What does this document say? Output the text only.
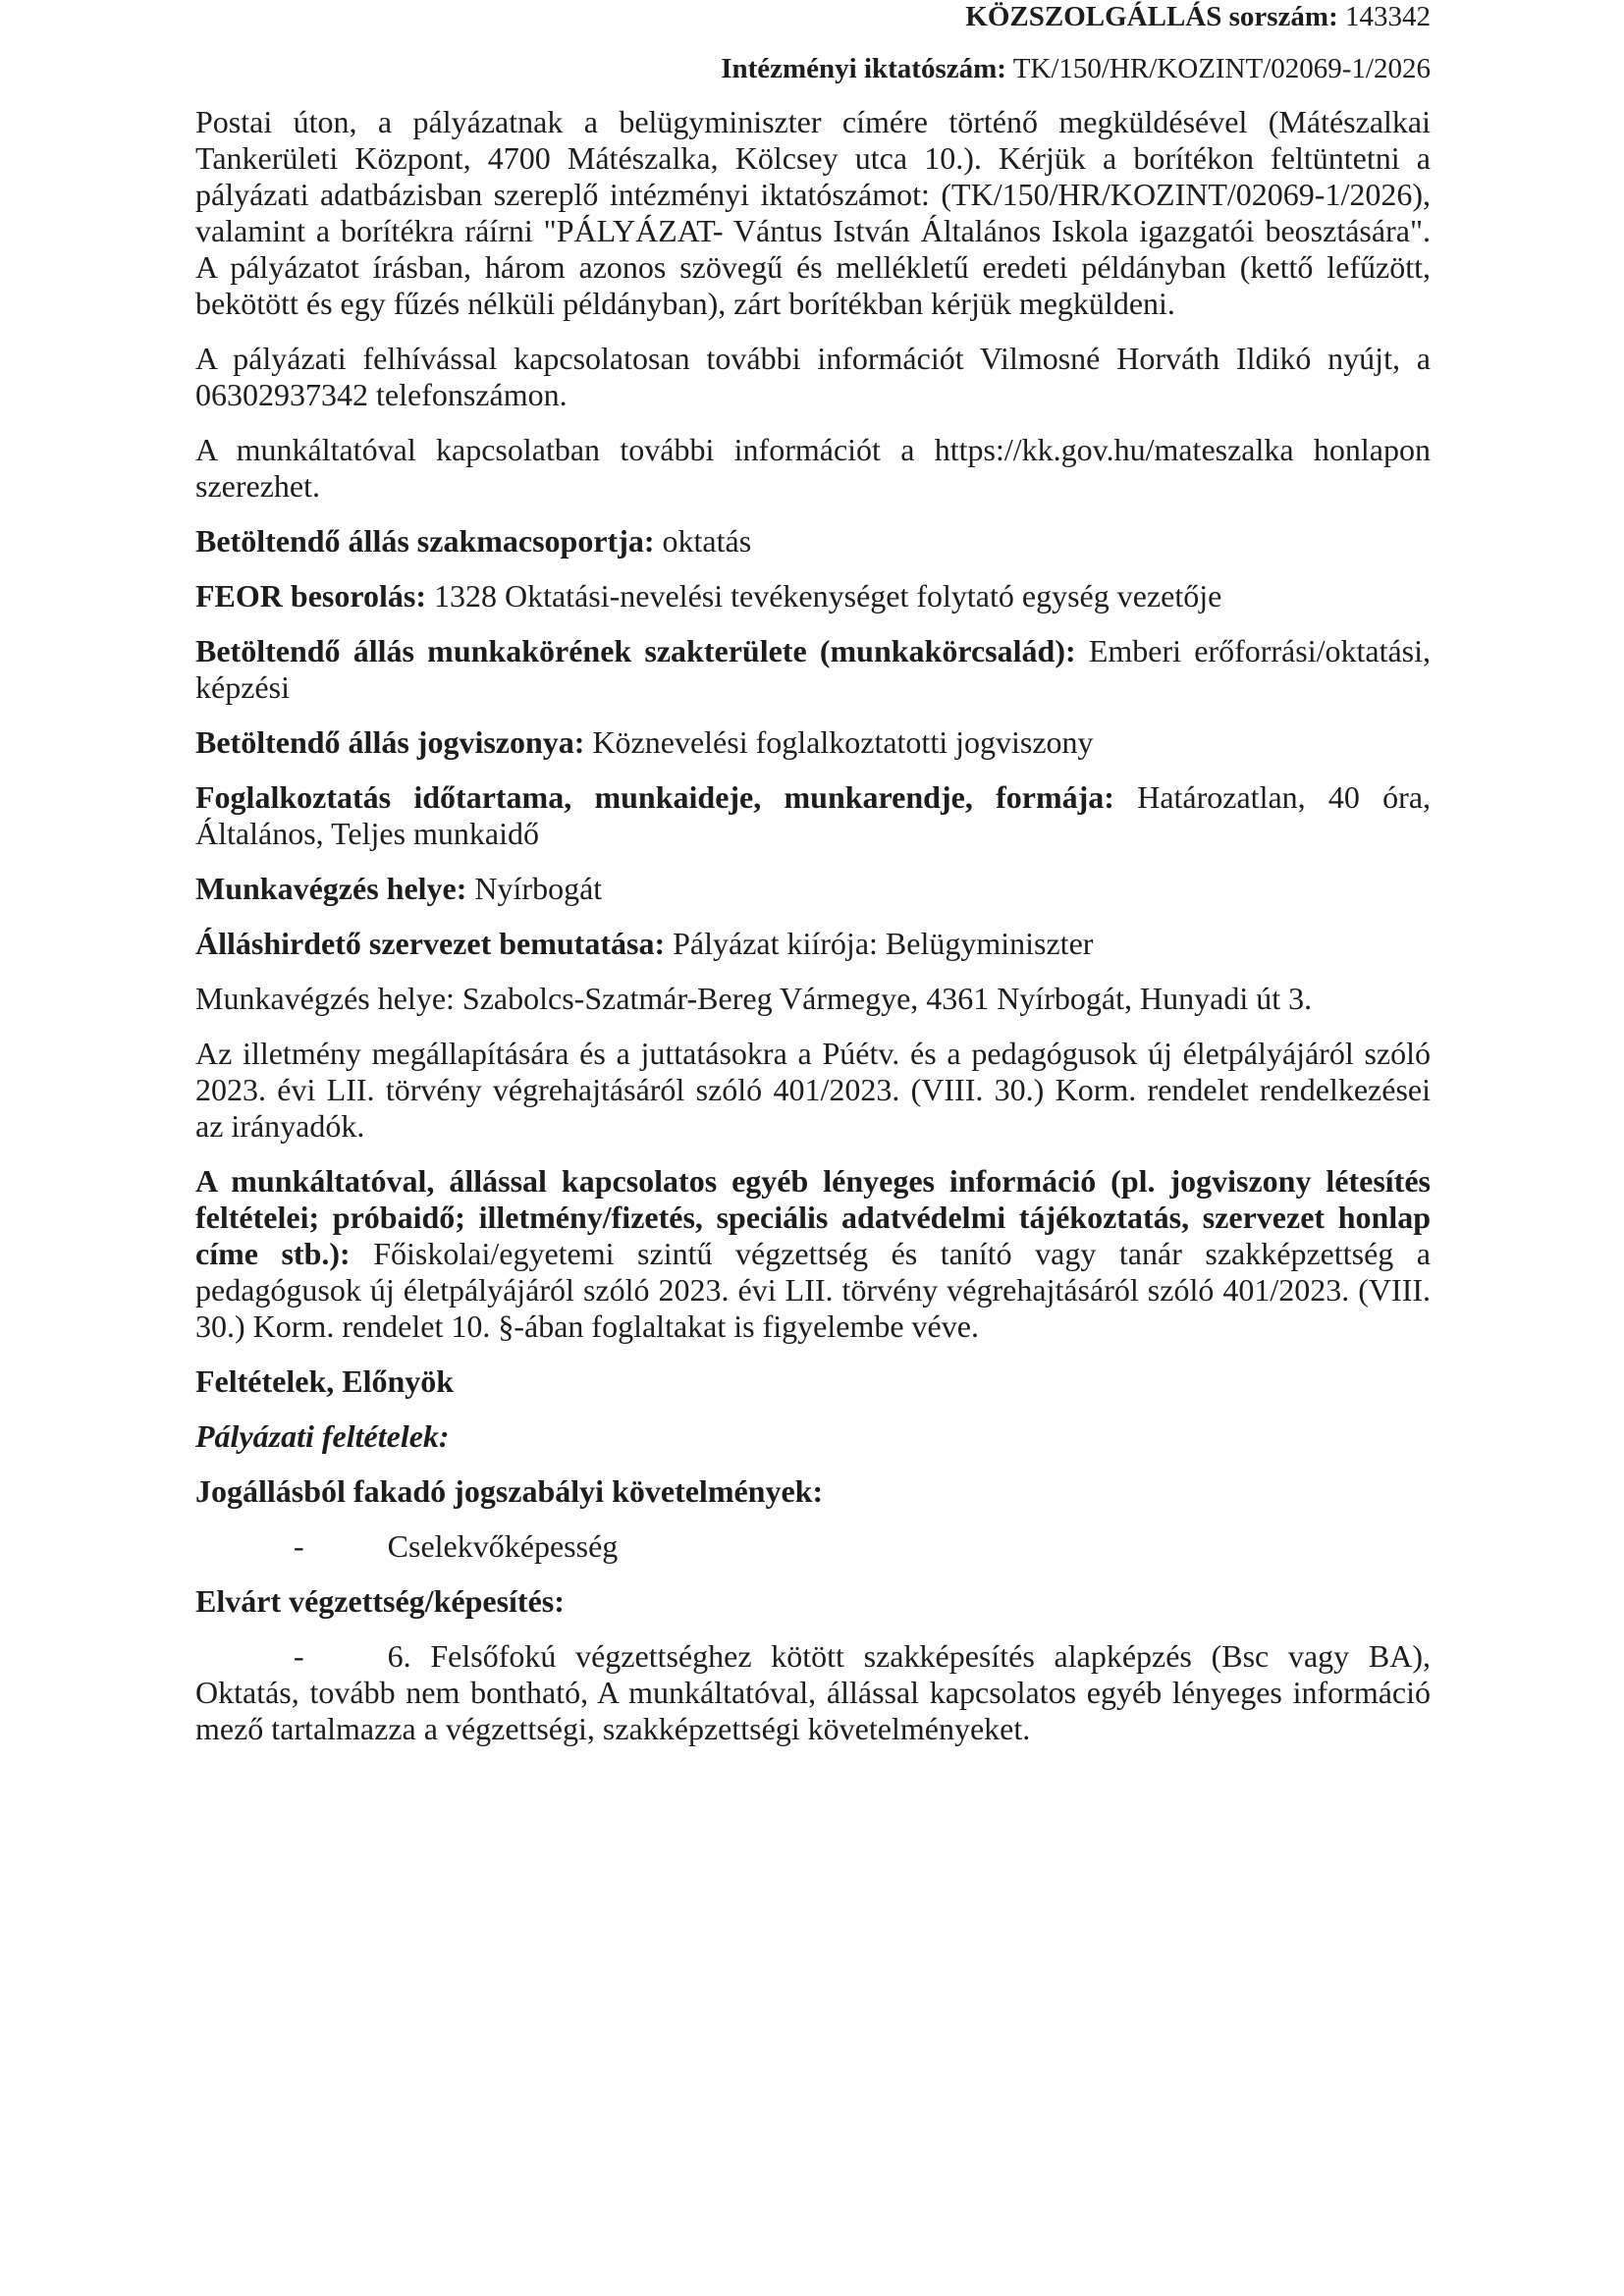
KÖZSZOLGÁLLÁS sorszám: 143342

Intézményi iktatószám: TK/150/HR/KOZINT/02069-1/2026

Postai úton, a pályázatnak a belügyminiszter címére történő megküldésével (Mátészalkai Tankerületi Központ, 4700 Mátészalka, Kölcsey utca 10.). Kérjük a borítékon feltüntetni a pályázati adatbázisban szereplő intézményi iktatószámot: (TK/150/HR/KOZINT/02069-1/2026), valamint a borítékra ráírni "PÁLYÁZAT- Vántus István Általános Iskola igazgatói beosztására". A pályázatot írásban, három azonos szövegű és mellékletű eredeti példányban (kettő lefűzött, bekötött és egy fűzés nélküli példányban), zárt borítékban kérjük megküldeni.

A pályázati felhívással kapcsolatosan további információt Vilmosné Horváth Ildikó nyújt, a 06302937342 telefonszámon.

A munkáltatóval kapcsolatban további információt a https://kk.gov.hu/mateszalka honlapon szerezhet.

Betöltendő állás szakmacsoportja: oktatás

FEOR besorolás: 1328 Oktatási-nevelési tevékenységet folytató egység vezetője

Betöltendő állás munkakörének szakterülete (munkakörcsalád): Emberi erőforrási/oktatási, képzési

Betöltendő állás jogviszonya: Köznevelési foglalkoztatotti jogviszony

Foglalkoztatás időtartama, munkaideje, munkarendje, formája: Határozatlan, 40 óra, Általános, Teljes munkaidő

Munkavégzés helye: Nyírbogát

Álláshirdető szervezet bemutatása: Pályázat kiírója: Belügyminiszter

Munkavégzés helye: Szabolcs-Szatmár-Bereg Vármegye, 4361 Nyírbogát, Hunyadi út 3.

Az illetmény megállapítására és a juttatásokra a Púétv. és a pedagógusok új életpályájáról szóló 2023. évi LII. törvény végrehajtásáról szóló 401/2023. (VIII. 30.) Korm. rendelet rendelkezései az irányadók.

A munkáltatóval, állással kapcsolatos egyéb lényeges információ (pl. jogviszony létesítés feltételei; próbaidő; illetmény/fizetés, speciális adatvédelmi tájékoztatás, szervezet honlap címe stb.): Főiskolai/egyetemi szintű végzettség és tanító vagy tanár szakképzettség a pedagógusok új életpályájáról szóló 2023. évi LII. törvény végrehajtásáról szóló 401/2023. (VIII. 30.) Korm. rendelet 10. §-ában foglaltakat is figyelembe véve.

Feltételek, Előnyök

Pályázati feltételek:

Jogállásból fakadó jogszabályi követelmények:

-	Cselekvőképesség

Elvárt végzettség/képesítés:

-	6. Felsőfokú végzettséghez kötött szakképesítés alapképzés (Bsc vagy BA), Oktatás, tovább nem bontható, A munkáltatóval, állással kapcsolatos egyéb lényeges információ mező tartalmazza a végzettségi, szakképzettségi követelményeket.
